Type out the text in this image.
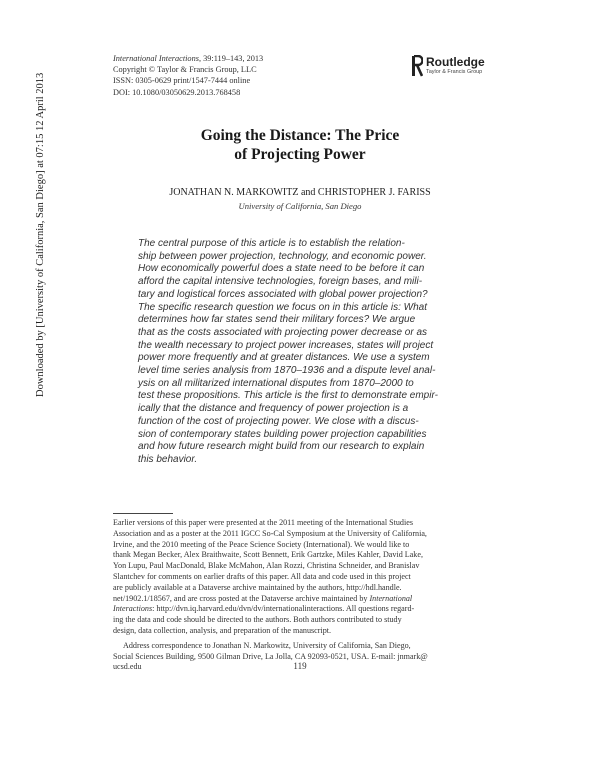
International Interactions, 39:119–143, 2013
Copyright © Taylor & Francis Group, LLC
ISSN: 0305-0629 print/1547-7444 online
DOI: 10.1080/03050629.2013.768458
Routledge
Taylor & Francis Group
Downloaded by [University of California, San Diego] at 07:15 12 April 2013	Going the Distance: The Price
of Projecting Power
JONATHAN N. MARKOWITZ and CHRISTOPHER J. FARISS
University of California, San Diego
The central purpose of this article is to establish the relation-
ship between power projection, technology, and economic power.
How economically powerful does a state need to be before it can
afford the capital intensive technologies, foreign bases, and mili-
tary and logistical forces associated with global power projection?
The specific research question we focus on in this article is: What
determines how far states send their military forces? We argue
that as the costs associated with projecting power decrease or as
the wealth necessary to project power increases, states will project
power more frequently and at greater distances. We use a system
level time series analysis from 1870–1936 and a dispute level anal-
ysis on all militarized international disputes from 1870–2000 to
test these propositions. This article is the first to demonstrate empir-
ically that the distance and frequency of power projection is a
function of the cost of projecting power. We close with a discus-
sion of contemporary states building power projection capabilities
and how future research might build from our research to explain
this behavior.
Earlier versions of this paper were presented at the 2011 meeting of the International Studies
Association and as a poster at the 2011 IGCC So-Cal Symposium at the University of California,
Irvine, and the 2010 meeting of the Peace Science Society (International). We would like to
thank Megan Becker, Alex Braithwaite, Scott Bennett, Erik Gartzke, Miles Kahler, David Lake,
Yon Lupu, Paul MacDonald, Blake McMahon, Alan Rozzi, Christina Schneider, and Branislav
Slantchev for comments on earlier drafts of this paper. All data and code used in this project
are publicly available at a Dataverse archive maintained by the authors, http://hdl.handle.
net/1902.1/18567, and are cross posted at the Dataverse archive maintained by International
Interactions: http://dvn.iq.harvard.edu/dvn/dv/internationalinteractions. All questions regard-
ing the data and code should be directed to the authors. Both authors contributed to study
design, data collection, analysis, and preparation of the manuscript.
Address correspondence to Jonathan N. Markowitz, University of California, San Diego,
Social Sciences Building, 9500 Gilman Drive, La Jolla, CA 92093-0521, USA. E-mail: jnmark@
ucsd.edu	119
